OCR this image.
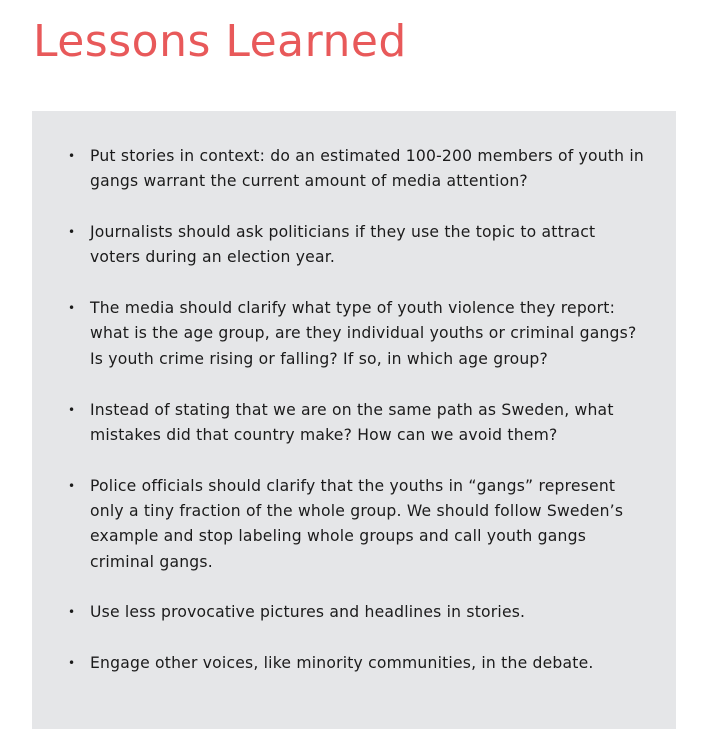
Lessons Learned
• Put stories in context: do an estimated 100-200 members of youth in gangs warrant the current amount of media attention?
• Journalists should ask politicians if they use the topic to attract voters during an election year.
• The media should clarify what type of youth violence they report: what is the age group, are they individual youths or criminal gangs? Is youth crime rising or falling? If so, in which age group?
• Instead of stating that we are on the same path as Sweden, what mistakes did that country make? How can we avoid them?
• Police officials should clarify that the youths in “gangs” represent only a tiny fraction of the whole group. We should follow Sweden’s example and stop labeling whole groups and call youth gangs criminal gangs.
• Use less provocative pictures and headlines in stories.
• Engage other voices, like minority communities, in the debate.
